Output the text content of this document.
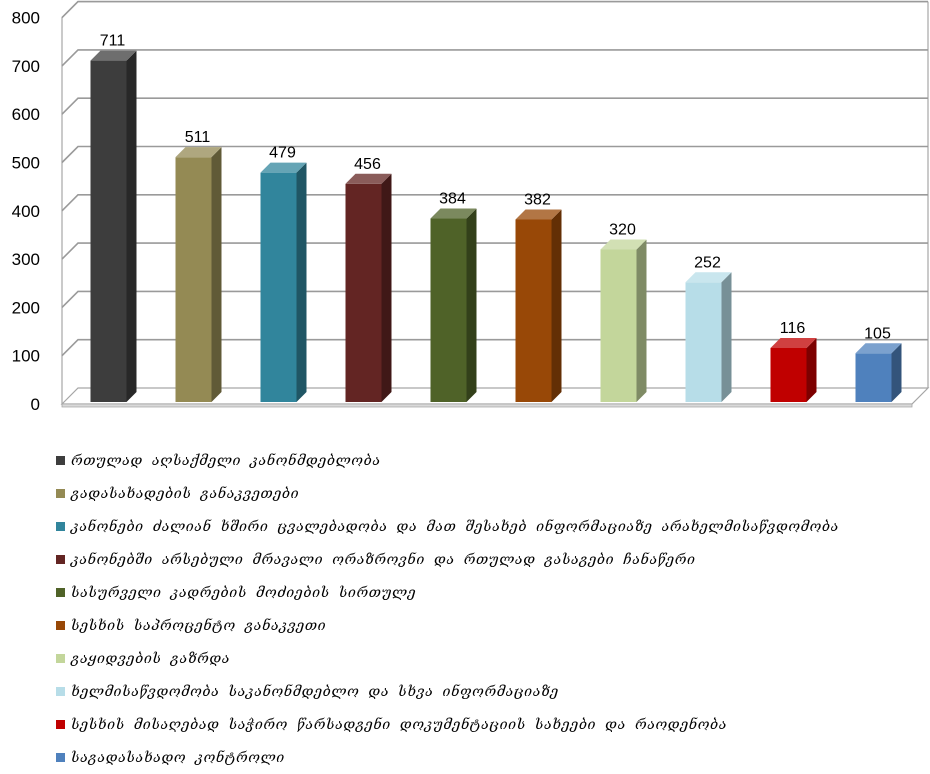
0
100
200
300
400
500
600
700
800
711
511
479
456
384	382
320
252
116	105
რთულად აღსაქმელი კანონმდებლობა
გადასახადების განაკვეთები
კანონები ძალიან ხშირი ცვალებადობა და მათ შესახებ ინფორმაციაზე არახელმისაწვდომობა
კანონებში არსებული მრავალი ორაზროვნი და რთულად გასაგები ჩანაწერი
სასურველი კადრების მოძიების სირთულე
სესხის საპროცენტო განაკვეთი
გაყიდვების გაზრდა
ხელმისაწვდომობა საკანონმდებლო და სხვა ინფორმაციაზე
სესხის მისაღებად საჭირო წარსადგენი დოკუმენტაციის სახეები და რაოდენობა
საგადასახადო კონტროლი
